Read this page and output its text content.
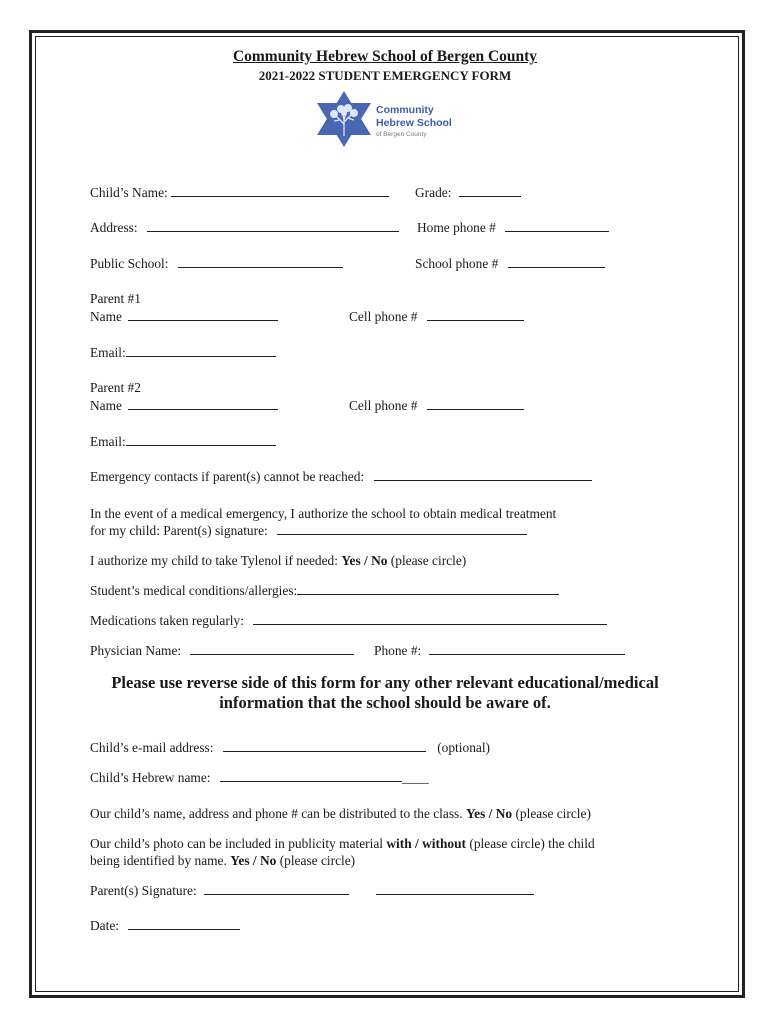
Community Hebrew School of Bergen County
2021-2022 STUDENT EMERGENCY FORM
Community
Hebrew School
of Bergen County
Child’s Name:	Grade:
Address:	Home phone #
Public School:	School phone #
Parent #1
Name	Cell phone #
Email:
Parent #2
Name	Cell phone #
Email:
Emergency contacts if parent(s) cannot be reached:
In the event of a medical emergency, I authorize the school to obtain medical treatment
for my child: Parent(s) signature:
I authorize my child to take Tylenol if needed: Yes / No (please circle)
Student’s medical conditions/allergies:
Medications taken regularly:
Physician Name:	Phone #:
Please use reverse side of this form for any other relevant educational/medical
information that the school should be aware of.
Child’s e-mail address:	(optional)
Child’s Hebrew name:	____
Our child’s name, address and phone # can be distributed to the class. Yes / No (please circle)
Our child’s photo can be included in publicity material with / without (please circle) the child
being identified by name. Yes / No (please circle)
Parent(s) Signature:
Date:
